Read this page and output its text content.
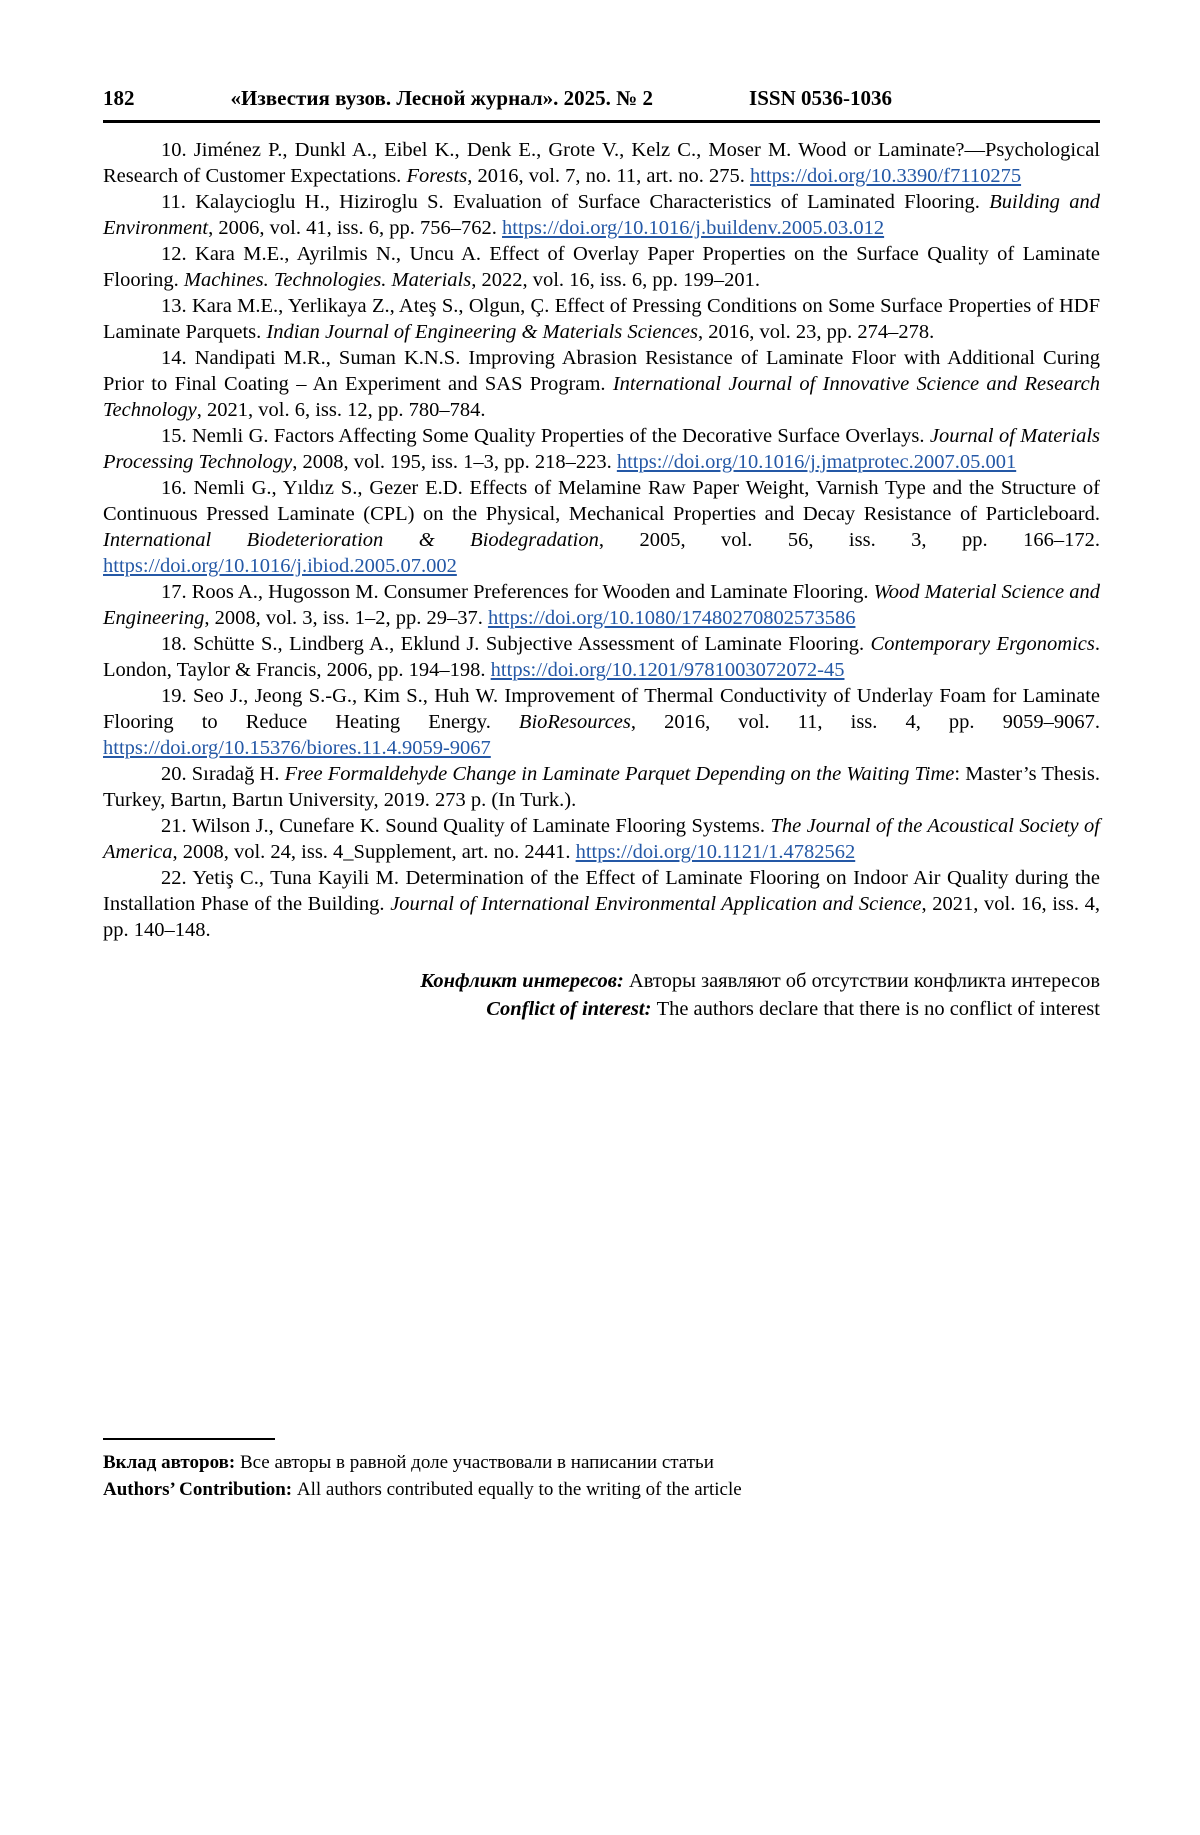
182	«Известия вузов. Лесной журнал». 2025. № 2	ISSN 0536-1036

10. Jiménez P., Dunkl A., Eibel K., Denk E., Grote V., Kelz C., Moser M. Wood or Laminate?—Psychological Research of Customer Expectations. Forests, 2016, vol. 7, no. 11, art. no. 275. https://doi.org/10.3390/f7110275

11. Kalaycioglu H., Hiziroglu S. Evaluation of Surface Characteristics of Laminated Flooring. Building and Environment, 2006, vol. 41, iss. 6, pp. 756–762. https://doi.org/10.1016/j.buildenv.2005.03.012

12. Kara M.E., Ayrilmis N., Uncu A. Effect of Overlay Paper Properties on the Surface Quality of Laminate Flooring. Machines. Technologies. Materials, 2022, vol. 16, iss. 6, pp. 199–201.

13. Kara M.E., Yerlikaya Z., Ateş S., Olgun, Ç. Effect of Pressing Conditions on Some Surface Properties of HDF Laminate Parquets. Indian Journal of Engineering & Materials Sciences, 2016, vol. 23, pp. 274–278.

14. Nandipati M.R., Suman K.N.S. Improving Abrasion Resistance of Laminate Floor with Additional Curing Prior to Final Coating – An Experiment and SAS Program. International Journal of Innovative Science and Research Technology, 2021, vol. 6, iss. 12, pp. 780–784.

15. Nemli G. Factors Affecting Some Quality Properties of the Decorative Surface Overlays. Journal of Materials Processing Technology, 2008, vol. 195, iss. 1–3, pp. 218–223. https://doi.org/10.1016/j.jmatprotec.2007.05.001

16. Nemli G., Yıldız S., Gezer E.D. Effects of Melamine Raw Paper Weight, Varnish Type and the Structure of Continuous Pressed Laminate (CPL) on the Physical, Mechanical Properties and Decay Resistance of Particleboard. International Biodeterioration & Biodegradation, 2005, vol. 56, iss. 3, pp. 166–172. https://doi.org/10.1016/j.ibiod.2005.07.002

17. Roos A., Hugosson M. Consumer Preferences for Wooden and Laminate Flooring. Wood Material Science and Engineering, 2008, vol. 3, iss. 1–2, pp. 29–37. https://doi.org/10.1080/17480270802573586

18. Schütte S., Lindberg A., Eklund J. Subjective Assessment of Laminate Flooring. Contemporary Ergonomics. London, Taylor & Francis, 2006, pp. 194–198. https://doi.org/10.1201/9781003072072-45

19. Seo J., Jeong S.-G., Kim S., Huh W. Improvement of Thermal Conductivity of Underlay Foam for Laminate Flooring to Reduce Heating Energy. BioResources, 2016, vol. 11, iss. 4, pp. 9059–9067. https://doi.org/10.15376/biores.11.4.9059-9067

20. Sıradağ H. Free Formaldehyde Change in Laminate Parquet Depending on the Waiting Time: Master’s Thesis. Turkey, Bartın, Bartın University, 2019. 273 p. (In Turk.).

21. Wilson J., Cunefare K. Sound Quality of Laminate Flooring Systems. The Journal of the Acoustical Society of America, 2008, vol. 24, iss. 4_Supplement, art. no. 2441. https://doi.org/10.1121/1.4782562

22. Yetiş C., Tuna Kayili M. Determination of the Effect of Laminate Flooring on Indoor Air Quality during the Installation Phase of the Building. Journal of International Environmental Application and Science, 2021, vol. 16, iss. 4, pp. 140–148.

Конфликт интересов: Авторы заявляют об отсутствии конфликта интересов

Conflict of interest: The authors declare that there is no conflict of interest

Вклад авторов: Все авторы в равной доле участвовали в написании статьи

Authors’ Contribution: All authors contributed equally to the writing of the article
